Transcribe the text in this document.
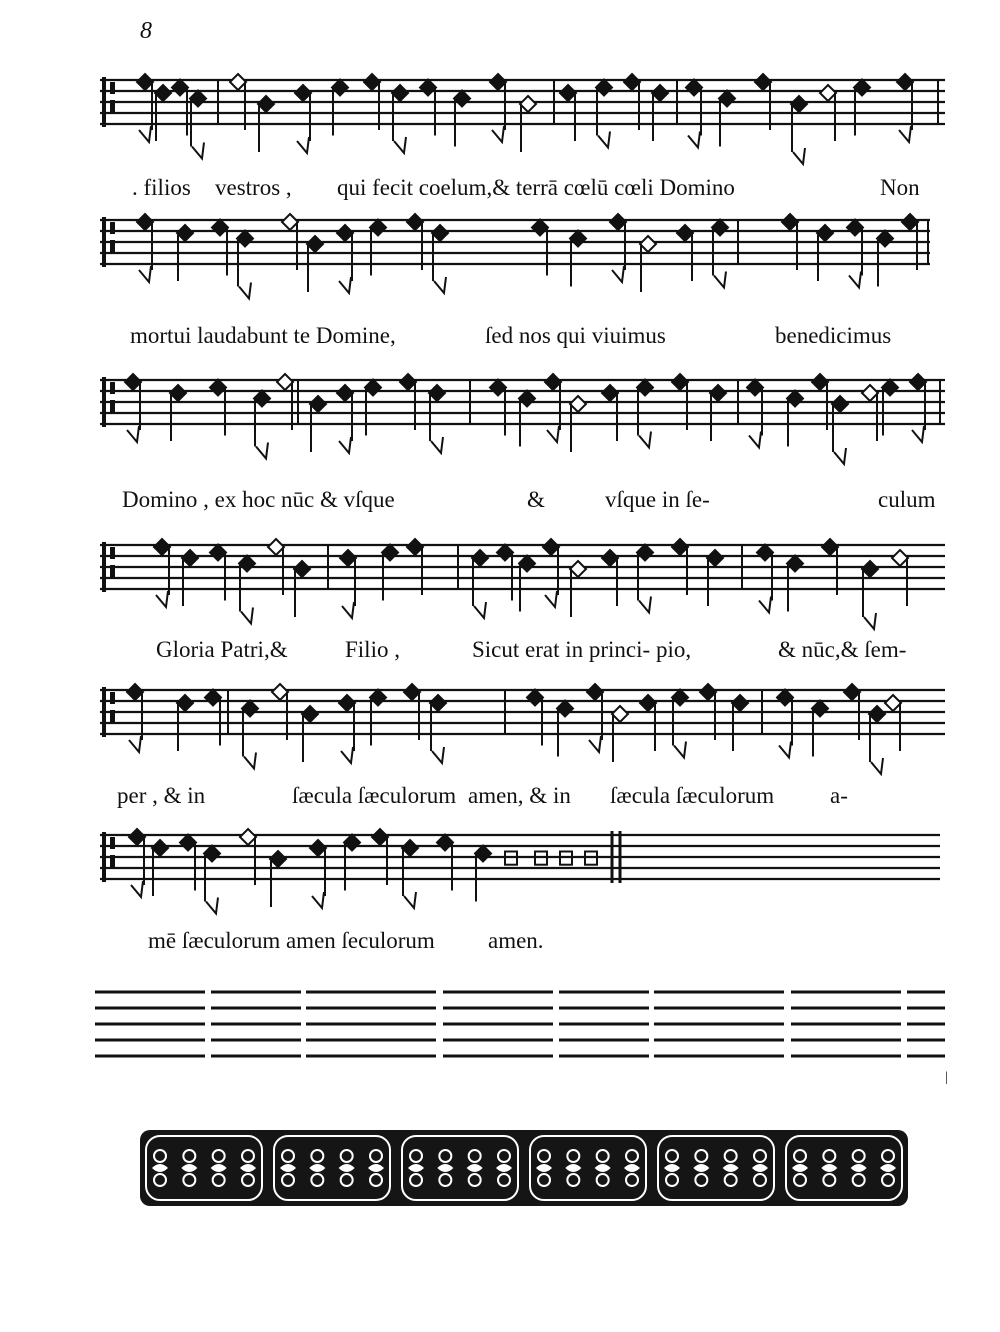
8
. filios vestros , qui fecit coelum,& terrā cœlū cœli Domino	Non
mortui laudabunt te Domine,	ſed nos qui viuimus	benedicimus
Domino , ex hoc nūc & vſque	&	vſque in ſe-	culum
Gloria Patri,& Filio ,	Sicut erat in princi- pio,	& nūc,& ſem-
per , & in	ſæcula ſæculorum amen, & in ſæcula ſæculorum a-
mē ſæculorum amen ſeculorum amen.
|
